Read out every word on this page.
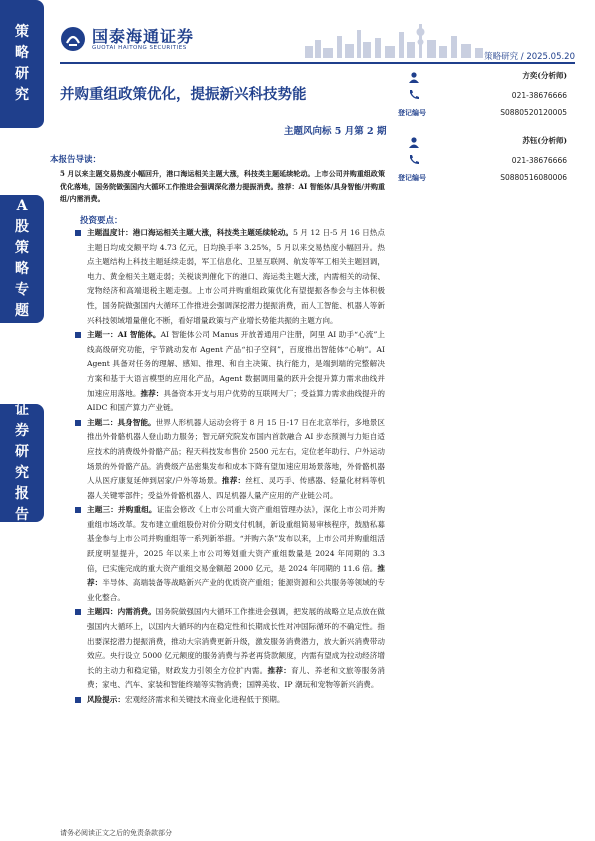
策
略
研
究
A
股
策
略
专
题
证
券
研
究
报
告
国泰海通证券
GUOTAI HAITONG SECURITIES
策略研究 / 2025.05.20
并购重组政策优化，提振新兴科技势能
主题风向标 5 月第 2 期
方奕(分析师)
021-38676666
登记编号	S0880520120005
苏钰(分析师)
021-38676666
登记编号	S0880516080006
本报告导读：
5 月以来主题交易热度小幅回升，港口海运相关主题大涨，科技类主题延续轮动。上市公司并购重组政策优化落地，国务院做强国内大循环工作推进会强调深化潜力提振消费。推荐：AI 智能体/具身智能/并购重组/内需消费。
投资要点：
主题温度计：港口海运相关主题大涨，科技类主题延续轮动。5 月 12 日-5 月 16 日热点主题日均成交额平均 4.73 亿元，日均换手率 3.25%，5 月以来交易热度小幅回升。热点主题结构上科技主题延续走弱，军工信息化、卫星互联网、航发等军工相关主题回调，电力、黄金相关主题走弱；关税谈判催化下的港口、海运类主题大涨，内需相关的动保、宠物经济和高端退税主题走强。上市公司并购重组政策优化有望提振各参会与主体积极性，国务院做强国内大循环工作推进会强调深挖潜力提振消费，而人工智能、机器人等新兴科技领域增量催化不断，看好增量政策与产业增长势能共振的主题方向。
主题一：AI 智能体。AI 智能体公司 Manus 开放普通用户注册，阿里 AI 助手“心流”上线高级研究功能，宇节跳动发布 Agent 产品“扣子空间”，百度推出智能体“心响”。AI Agent 具备对任务的理解、感知、推理、和自主决策、执行能力，是端到端的完整解决方案和基于大语言模型的应用化产品，Agent 数据调用量的跃升会提升算力需求曲线并加速应用落地。推荐：具备资本开支与用户优势的互联网大厂；受益算力需求曲线提升的 AIDC 和国产算力产业链。
主题二：具身智能。世界人形机器人运动会将于 8 月 15 日-17 日在北京举行，多地景区推出外骨骼机器人登山助力服务；智元研究院发布国内首款融合 AI 步态预测与力矩自适应技术的消费级外骨骼产品；程天科技发布售价 2500 元左右，定位老年助行、户外运动场景的外骨骼产品。消费级产品密集发布和成本下降有望加速应用场景落地，外骨骼机器人从医疗康复延伸到居家/户外等场景。推荐：丝杠、灵巧手、传感器、轻量化材料等机器人关键零部件；受益外骨骼机器人、四足机器人量产应用的产业链公司。
主题三：并购重组。证监会修改《上市公司重大资产重组管理办法》，深化上市公司并购重组市场改革。发布建立重组股份对价分期支付机制，新设重组简易审核程序，鼓励私募基金参与上市公司并购重组等一系列新举措。“并购六条”发布以来，上市公司并购重组活跃度明显提升，2025 年以来上市公司筹划重大资产重组数量是 2024 年同期的 3.3 倍，已实施完成的重大资产重组交易金额超 2000 亿元，是 2024 年同期的 11.6 倍。推荐：半导体、高端装备等战略新兴产业的优质资产重组；能源资源和公共服务等领域的专业化整合。
主题四：内需消费。国务院做强国内大循环工作推进会强调，把发展的战略立足点放在做强国内大循环上，以国内大循环的内在稳定性和长期成长性对冲国际循环的不确定性。指出要深挖潜力提振消费，推动大宗消费更新升级，激发服务消费潜力，放大新兴消费带动效应。央行设立 5000 亿元额度的服务消费与养老再贷款额度，内需有望成为拉动经济增长的主动力和稳定锚，财政发力引领全方位扩内需。推荐：育儿、养老和文旅等服务消费；家电、汽车、家装和智能终端等实物消费；国牌美妆、IP 潮玩和宠物等新兴消费。
风险提示：宏观经济需求和关键技术商业化进程低于预期。
请务必阅读正文之后的免责条款部分
